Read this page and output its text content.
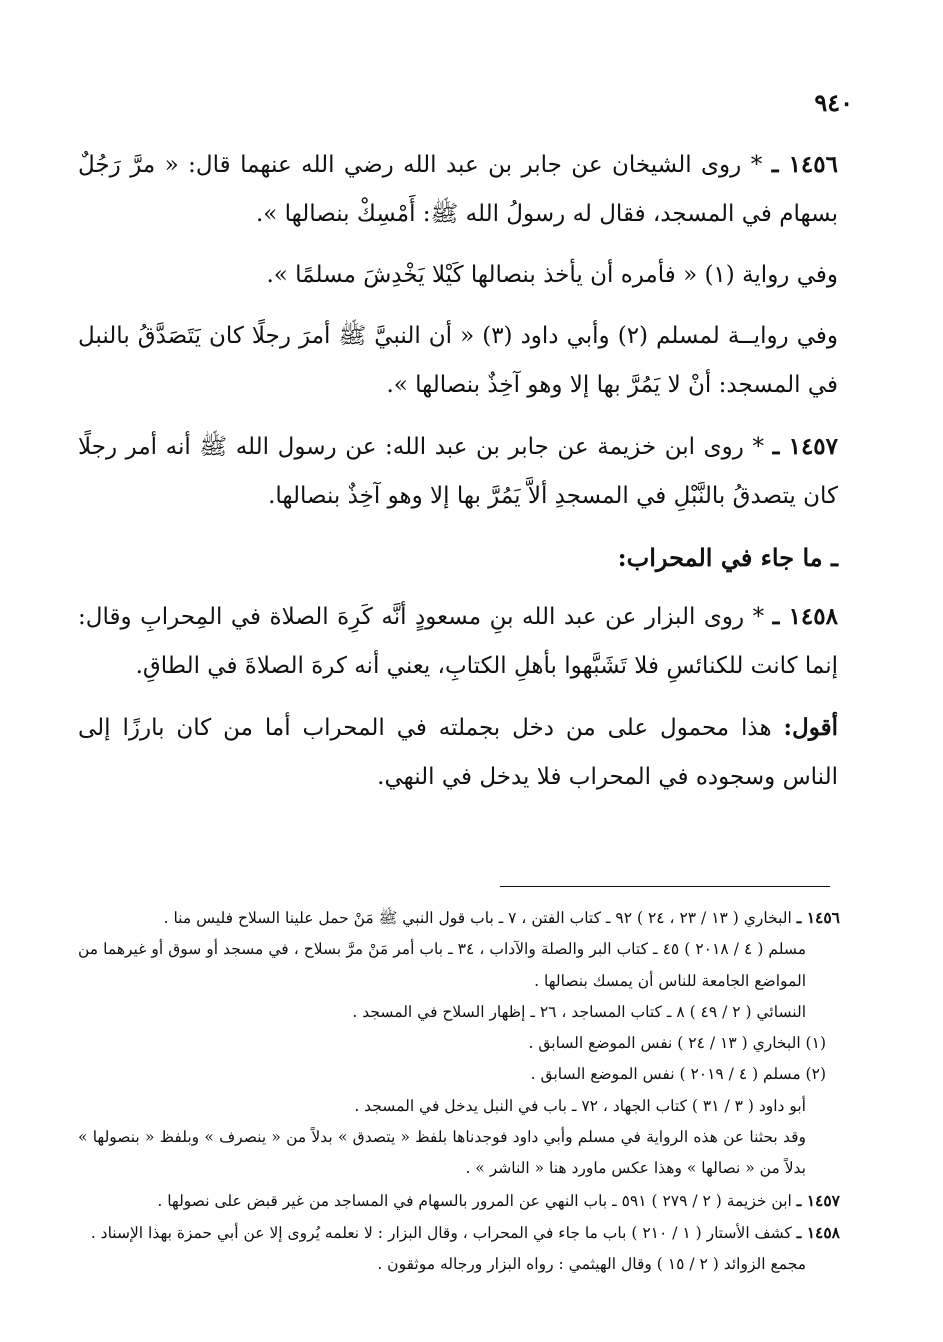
٩٤٠

١٤٥٦ ـ * روى الشيخان عن جابر بن عبد الله رضي الله عنهما قال: « مرَّ رَجُلٌ بسهام في المسجد، فقال له رسولُ الله ﷺ: أَمْسِكْ بنصالها ».

وفي رواية (١) « فأمره أن يأخذ بنصالها كَيْلا يَخْدِشَ مسلمًا ».

وفي روايــة لمسلم (٢) وأبي داود (٣) « أن النبيَّ ﷺ أمرَ رجلًا كان يَتَصَدَّقُ بالنبل في المسجد: أنْ لا يَمُرَّ بها إلا وهو آخِذٌ بنصالها ».

١٤٥٧ ـ * روى ابن خزيمة عن جابر بن عبد الله: عن رسول الله ﷺ أنه أمر رجلًا كان يتصدقُ بالنَّبْلِ في المسجدِ ألاَّ يَمُرَّ بها إلا وهو آخِذٌ بنصالها.

ـ ما جاء في المحراب:

١٤٥٨ ـ * روى البزار عن عبد الله بنِ مسعودٍ أنَّه كَرِهَ الصلاة في المِحرابِ وقال: إنما كانت للكنائسِ فلا تَشَبَّهوا بأهلِ الكتابِ، يعني أنه كرهَ الصلاةَ في الطاقِ.

أقول: هذا محمول على من دخل بجملته في المحراب أما من كان بارزًا إلى الناس وسجوده في المحراب فلا يدخل في النهي.

١٤٥٦ ـ البخاري ( ١٣ / ٢٣ ، ٢٤ ) ٩٢ ـ كتاب الفتن ، ٧ ـ باب قول النبي ﷺ مَنْ حمل علينا السلاح فليس منا .
مسلم ( ٤ / ٢٠١٨ ) ٤٥ ـ كتاب البر والصلة والآداب ، ٣٤ ـ باب أمر مَنْ مرَّ بسلاح ، في مسجد أو سوق أو غيرهما من المواضع الجامعة للناس أن يمسك بنصالها .
النسائي ( ٢ / ٤٩ ) ٨ ـ كتاب المساجد ، ٢٦ ـ إظهار السلاح في المسجد .
(١) البخاري ( ١٣ / ٢٤ ) نفس الموضع السابق .
(٢) مسلم ( ٤ / ٢٠١٩ ) نفس الموضع السابق .
أبو داود ( ٣ / ٣١ ) كتاب الجهاد ، ٧٢ ـ باب في النبل يدخل في المسجد .
وقد بحثنا عن هذه الرواية في مسلم وأبي داود فوجدناها بلفظ « يتصدق » بدلاً من « ينصرف » وبلفظ « بنصولها » بدلاً من « نصالها » وهذا عكس ماورد هنا « الناشر » .
١٤٥٧ ـ ابن خزيمة ( ٢ / ٢٧٩ ) ٥٩١ ـ باب النهي عن المرور بالسهام في المساجد من غير قبض على نصولها .
١٤٥٨ ـ كشف الأستار ( ١ / ٢١٠ ) باب ما جاء في المحراب ، وقال البزار : لا نعلمه يُروى إلا عن أبي حمزة بهذا الإسناد .
مجمع الزوائد ( ٢ / ١٥ ) وقال الهيثمي : رواه البزار ورجاله موثقون .
